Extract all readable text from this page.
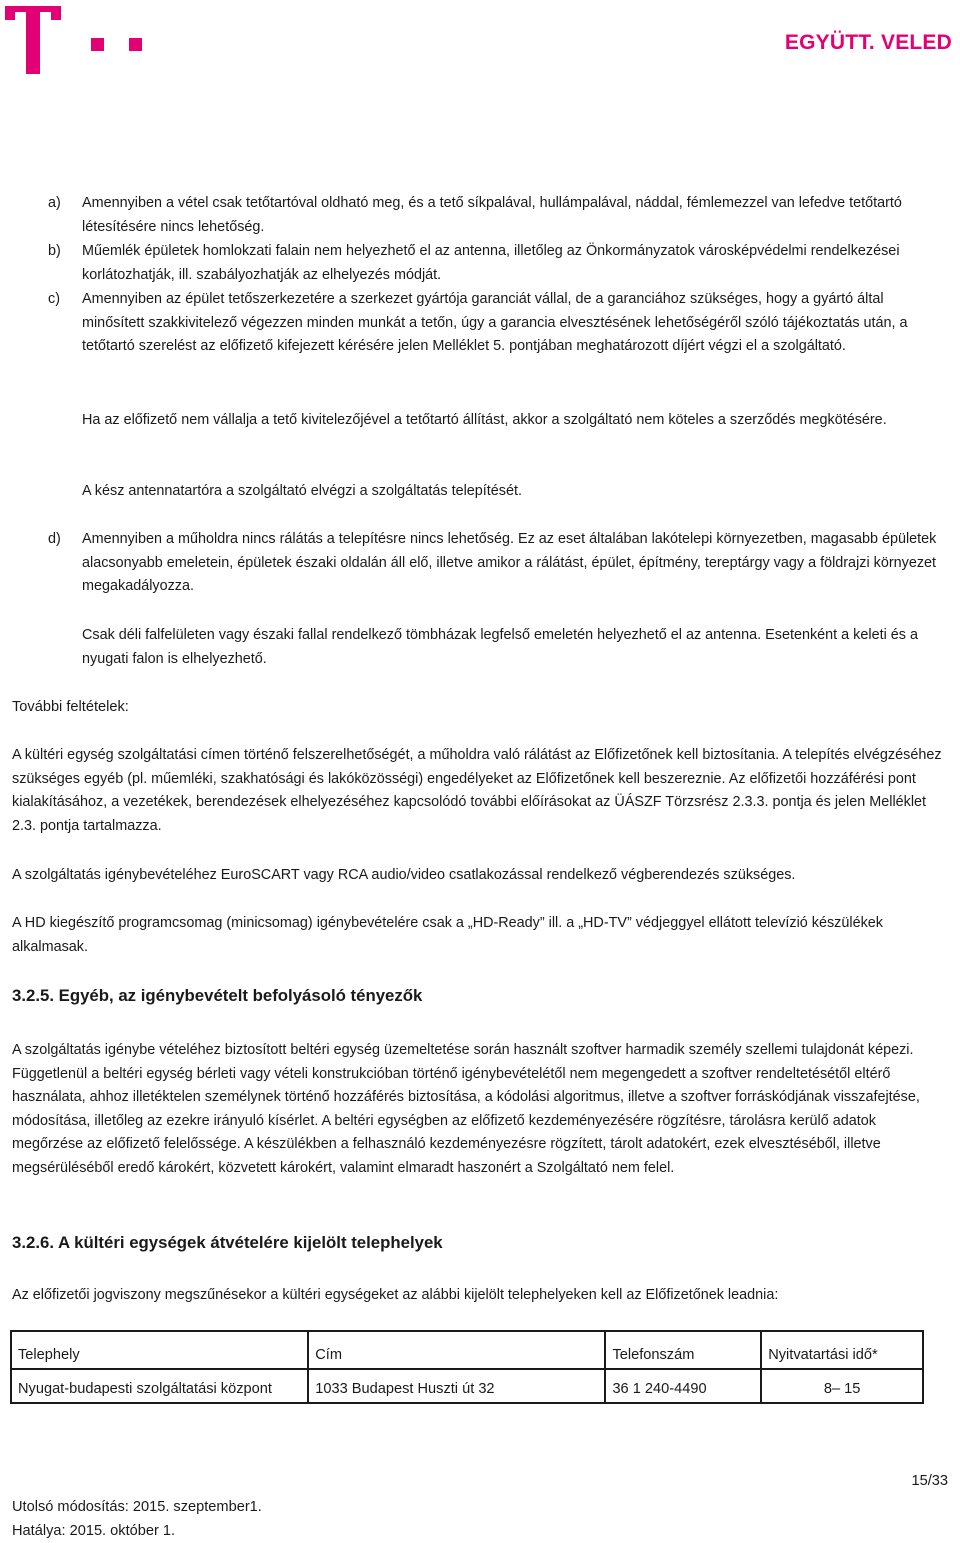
EGYÜTT. VELED
a)	Amennyiben a vétel csak tetőtartóval oldható meg, és a tető síkpalával, hullámpalával, náddal, fémlemezzel van lefedve tetőtartó létesítésére nincs lehetőség.
b)	Műemlék épületek homlokzati falain nem helyezhető el az antenna, illetőleg az Önkormányzatok városképvédelmi rendelkezései korlátozhatják, ill. szabályozhatják az elhelyezés módját.
c)	Amennyiben az épület tetőszerkezetére a szerkezet gyártója garanciát vállal, de a garanciához szükséges, hogy a gyártó által minősített szakkivitelező végezzen minden munkát a tetőn, úgy a garancia elvesztésének lehetőségéről szóló tájékoztatás után, a tetőtartó szerelést az előfizető kifejezett kérésére jelen Melléklet 5. pontjában meghatározott díjért végzi el a szolgáltató.
Ha az előfizető nem vállalja a tető kivitelezőjével a tetőtartó állítást, akkor a szolgáltató nem köteles a szerződés megkötésére.
A kész antennatartóra a szolgáltató elvégzi a szolgáltatás telepítését.
d)	Amennyiben a műholdra nincs rálátás a telepítésre nincs lehetőség. Ez az eset általában lakótelepi környezetben, magasabb épületek alacsonyabb emeletein, épületek északi oldalán áll elő, illetve amikor a rálátást, épület, építmény, tereptárgy vagy a földrajzi környezet megakadályozza.
Csak déli falfelületen vagy északi fallal rendelkező tömbházak legfelső emeletén helyezhető el az antenna. Esetenként a keleti és a nyugati falon is elhelyezhető.
További feltételek:
A kültéri egység szolgáltatási címen történő felszerelhetőségét, a műholdra való rálátást az Előfizetőnek kell biztosítania. A telepítés elvégzéséhez szükséges egyéb (pl. műemléki, szakhatósági és lakóközösségi) engedélyeket az Előfizetőnek kell beszereznie. Az előfizetői hozzáférési pont kialakításához, a vezetékek, berendezések elhelyezéséhez kapcsolódó további előírásokat az ÜÁSZF Törzsrész 2.3.3. pontja és jelen Melléklet 2.3. pontja tartalmazza.
A szolgáltatás igénybevételéhez EuroSCART vagy RCA audio/video csatlakozással rendelkező végberendezés szükséges.
A HD kiegészítő programcsomag (minicsomag) igénybevételére csak a „HD-Ready” ill. a „HD-TV” védjeggyel ellátott televízió készülékek alkalmasak.
3.2.5. Egyéb, az igénybevételt befolyásoló tényezők
A szolgáltatás igénybe vételéhez biztosított beltéri egység üzemeltetése során használt szoftver harmadik személy szellemi tulajdonát képezi. Függetlenül a beltéri egység bérleti vagy vételi konstrukcióban történő igénybevételétől nem megengedett a szoftver rendeltetésétől eltérő használata, ahhoz illetéktelen személynek történő hozzáférés biztosítása, a kódolási algoritmus, illetve a szoftver forráskódjának visszafejtése, módosítása, illetőleg az ezekre irányuló kísérlet. A beltéri egységben az előfizető kezdeményezésére rögzítésre, tárolásra kerülő adatok megőrzése az előfizető felelőssége. A készülékben a felhasználó kezdeményezésre rögzített, tárolt adatokért, ezek elvesztéséből, illetve megsérüléséből eredő károkért, közvetett károkért, valamint elmaradt haszonért a Szolgáltató nem felel.
3.2.6. A kültéri egységek átvételére kijelölt telephelyek
Az előfizetői jogviszony megszűnésekor a kültéri egységeket az alábbi kijelölt telephelyeken kell az Előfizetőnek leadnia:
Telephely	Cím	Telefonszám	Nyitvatartási idő*
Nyugat-budapesti szolgáltatási központ	1033 Budapest Huszti út 32	36 1 240-4490	8– 15
15/33
Utolsó módosítás: 2015. szeptember1.
Hatálya: 2015. október 1.
